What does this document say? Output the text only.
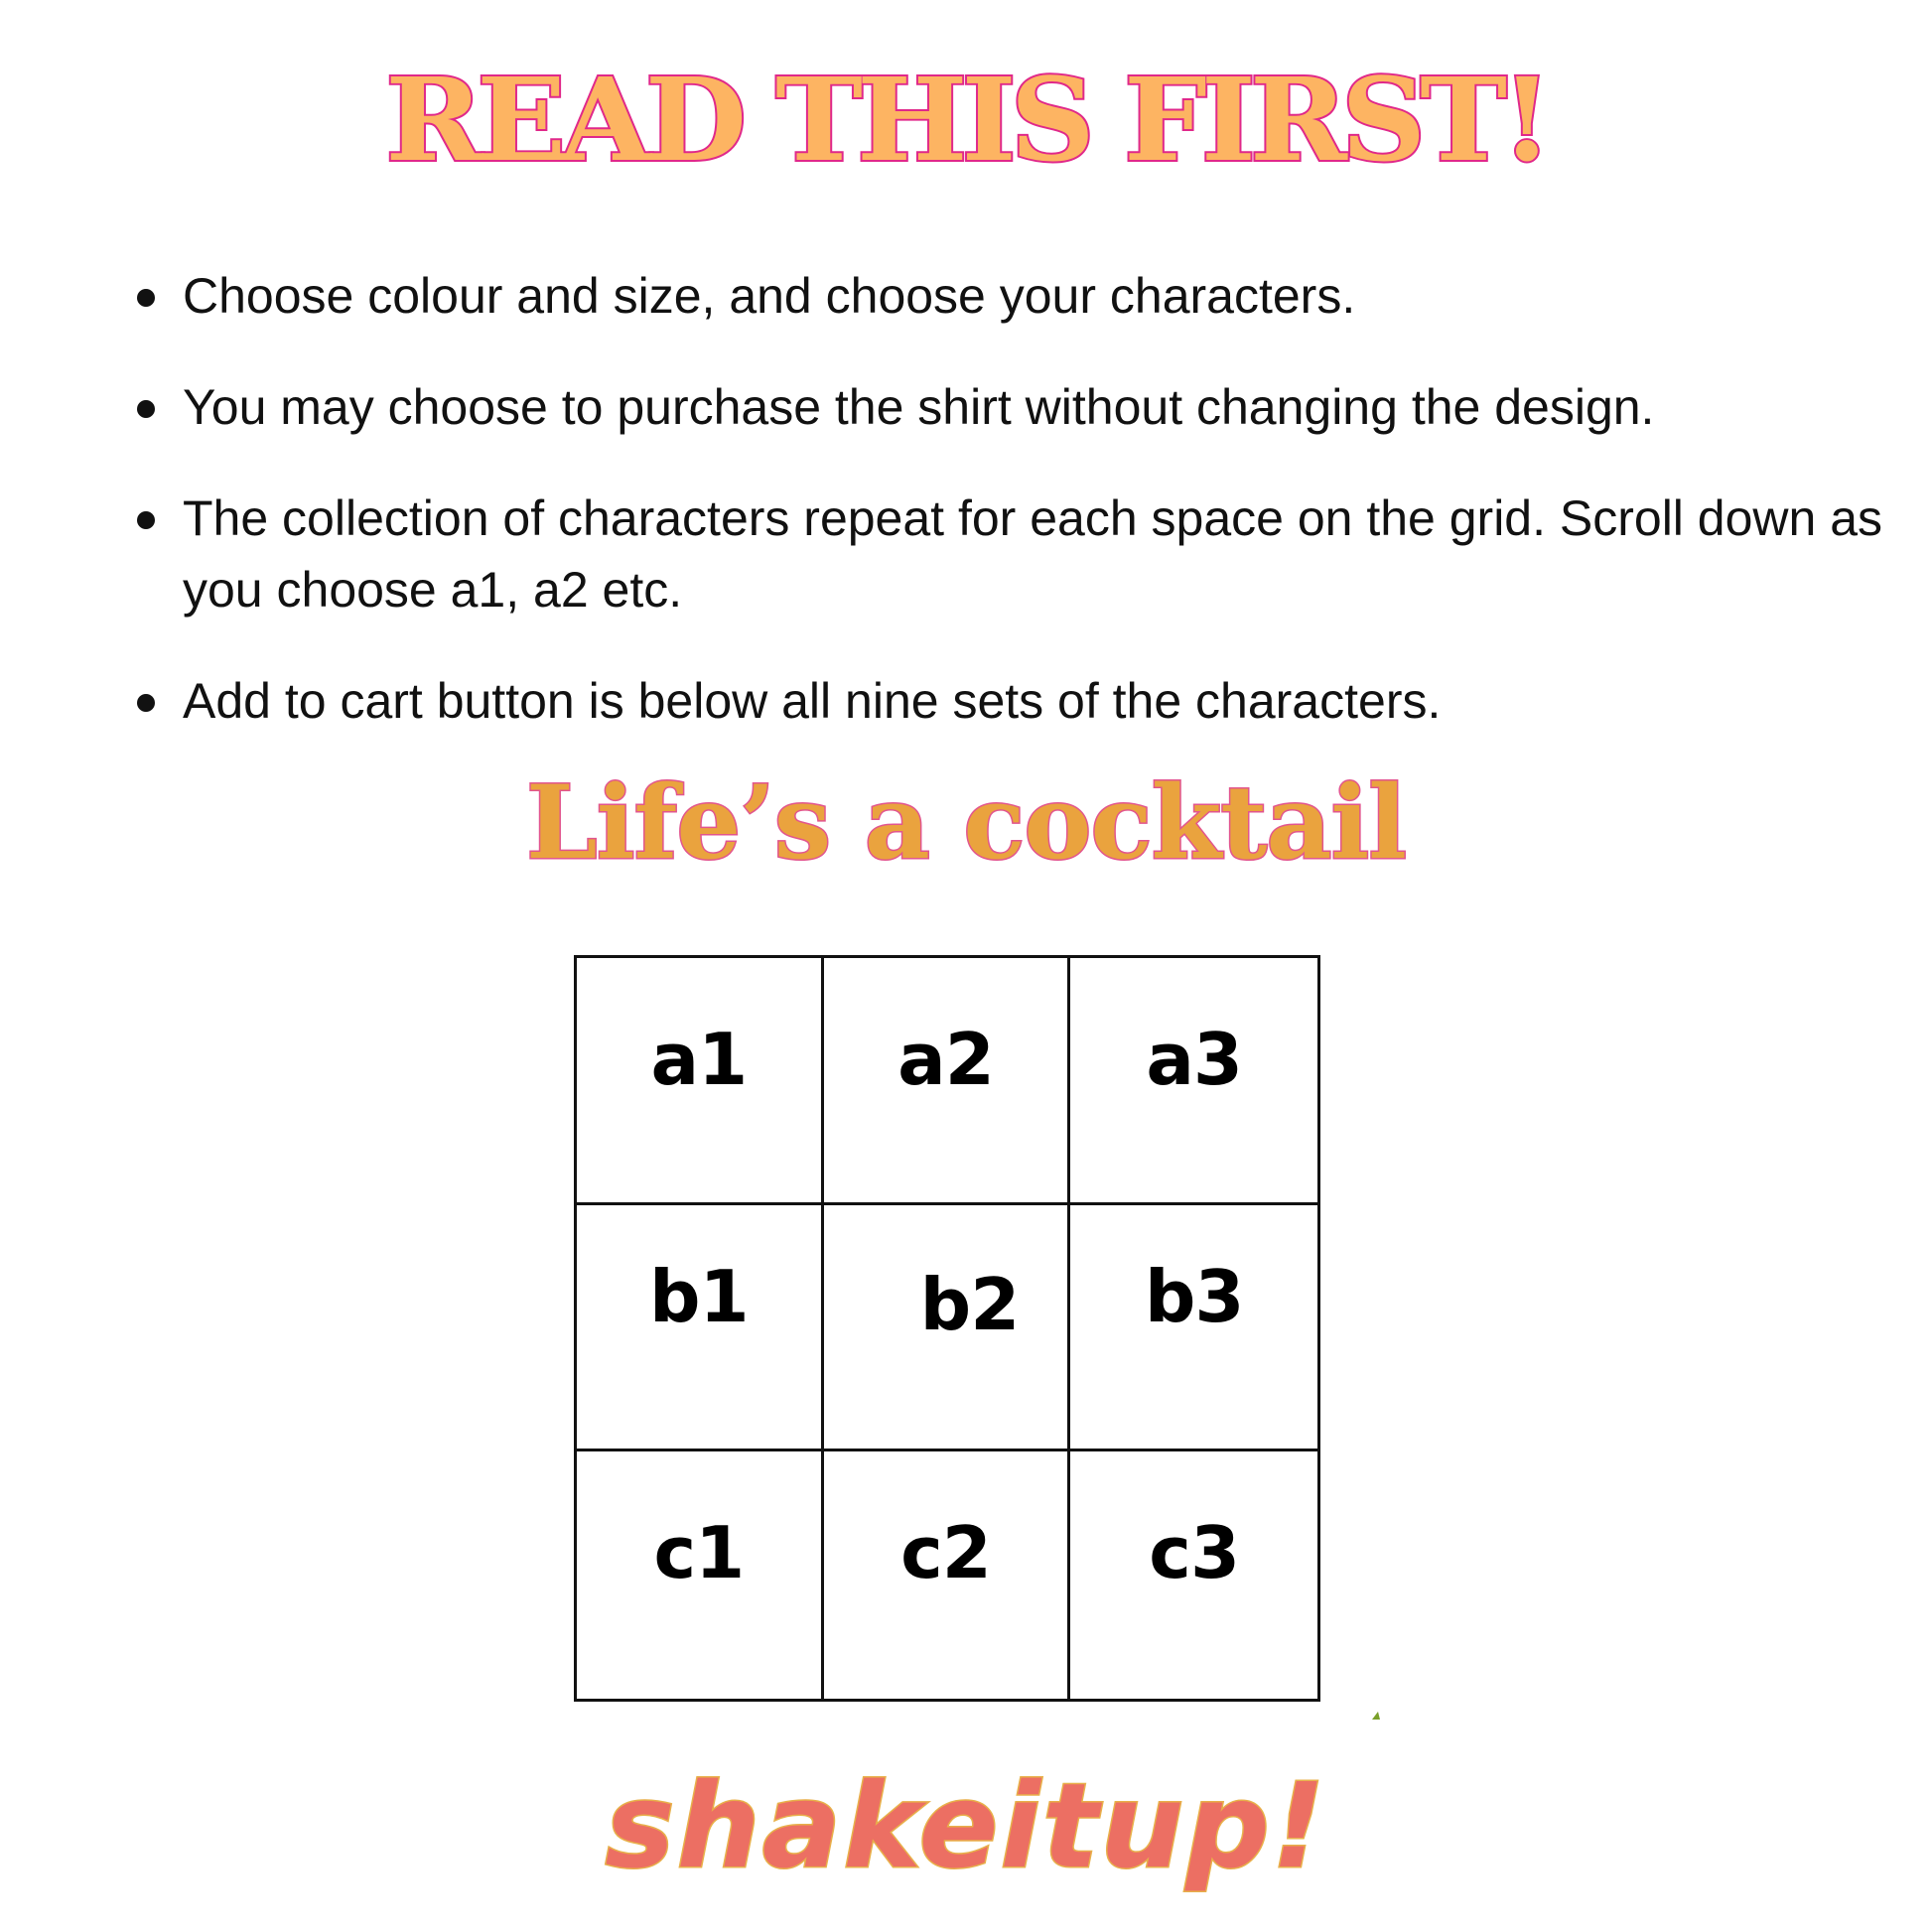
READ THIS FIRST!
Choose colour and size, and choose your characters.
You may choose to purchase the shirt without changing the design.
The collection of characters repeat for each space on the grid. Scroll down as you choose a1, a2 etc.
Add to cart button is below all nine sets of the characters.
Life’s a cocktail
a1	a2	a3
b1	b2	b3
c1	c2	c3
shakeitup!
